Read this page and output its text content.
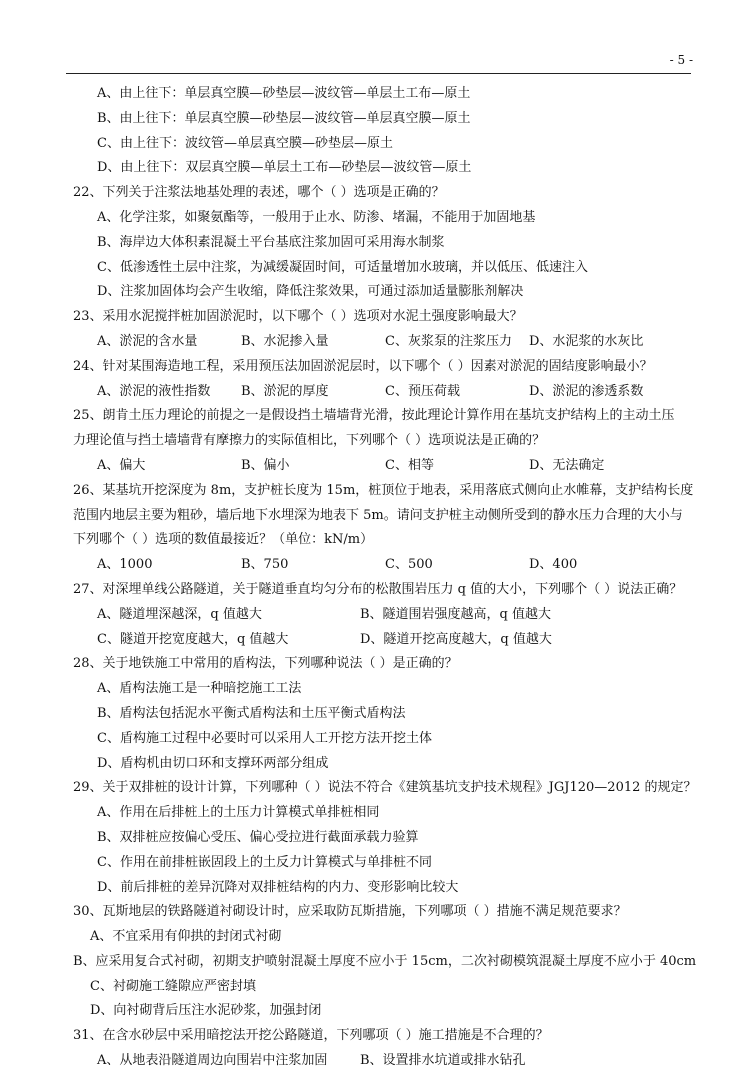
- 5 -
A、由上往下：单层真空膜—砂垫层—波纹管—单层土工布—原土
B、由上往下：单层真空膜—砂垫层—波纹管—单层真空膜—原土
C、由上往下：波纹管—单层真空膜—砂垫层—原土
D、由上往下：双层真空膜—单层土工布—砂垫层—波纹管—原土
22、下列关于注浆法地基处理的表述，哪个（ ）选项是正确的？
A、化学注浆，如聚氨酯等，一般用于止水、防渗、堵漏，不能用于加固地基
B、海岸边大体积素混凝土平台基底注浆加固可采用海水制浆
C、低渗透性土层中注浆，为减缓凝固时间，可适量增加水玻璃，并以低压、低速注入
D、注浆加固体均会产生收缩，降低注浆效果，可通过添加适量膨胀剂解决
23、采用水泥搅拌桩加固淤泥时，以下哪个（ ）选项对水泥土强度影响最大？
A、淤泥的含水量	B、水泥掺入量	C、灰浆泵的注浆压力	D、水泥浆的水灰比
24、针对某围海造地工程，采用预压法加固淤泥层时，以下哪个（ ）因素对淤泥的固结度影响最小？
A、淤泥的液性指数	B、淤泥的厚度	C、预压荷载	D、淤泥的渗透系数
25、朗肯土压力理论的前提之一是假设挡土墙墙背光滑，按此理论计算作用在基坑支护结构上的主动土压
力理论值与挡土墙墙背有摩擦力的实际值相比，下列哪个（ ）选项说法是正确的？
A、偏大	B、偏小	C、相等	D、无法确定
26、某基坑开挖深度为 8m，支护桩长度为 15m，桩顶位于地表，采用落底式侧向止水帷幕，支护结构长度
范围内地层主要为粗砂，墙后地下水埋深为地表下 5m。请问支护桩主动侧所受到的静水压力合理的大小与
下列哪个（ ）选项的数值最接近？（单位：kN/m）
A、1000	B、750	C、500	D、400
27、对深埋单线公路隧道，关于隧道垂直均匀分布的松散围岩压力 q 值的大小，下列哪个（ ）说法正确？
A、隧道埋深越深，q 值越大	B、隧道围岩强度越高，q 值越大
C、隧道开挖宽度越大，q 值越大	D、隧道开挖高度越大，q 值越大
28、关于地铁施工中常用的盾构法，下列哪种说法（ ）是正确的？
A、盾构法施工是一种暗挖施工工法
B、盾构法包括泥水平衡式盾构法和土压平衡式盾构法
C、盾构施工过程中必要时可以采用人工开挖方法开挖土体
D、盾构机由切口环和支撑环两部分组成
29、关于双排桩的设计计算，下列哪种（ ）说法不符合《建筑基坑支护技术规程》JGJ120—2012 的规定？
A、作用在后排桩上的土压力计算模式单排桩相同
B、双排桩应按偏心受压、偏心受拉进行截面承载力验算
C、作用在前排桩嵌固段上的土反力计算模式与单排桩不同
D、前后排桩的差异沉降对双排桩结构的内力、变形影响比较大
30、瓦斯地层的铁路隧道衬砌设计时，应采取防瓦斯措施，下列哪项（ ）措施不满足规范要求？
A、不宜采用有仰拱的封闭式衬砌
B、应采用复合式衬砌，初期支护喷射混凝土厚度不应小于 15cm，二次衬砌模筑混凝土厚度不应小于 40cm
C、衬砌施工缝隙应严密封填
D、向衬砌背后压注水泥砂浆，加强封闭
31、在含水砂层中采用暗挖法开挖公路隧道，下列哪项（ ）施工措施是不合理的？
A、从地表沿隧道周边向围岩中注浆加固	B、设置排水坑道或排水钻孔
